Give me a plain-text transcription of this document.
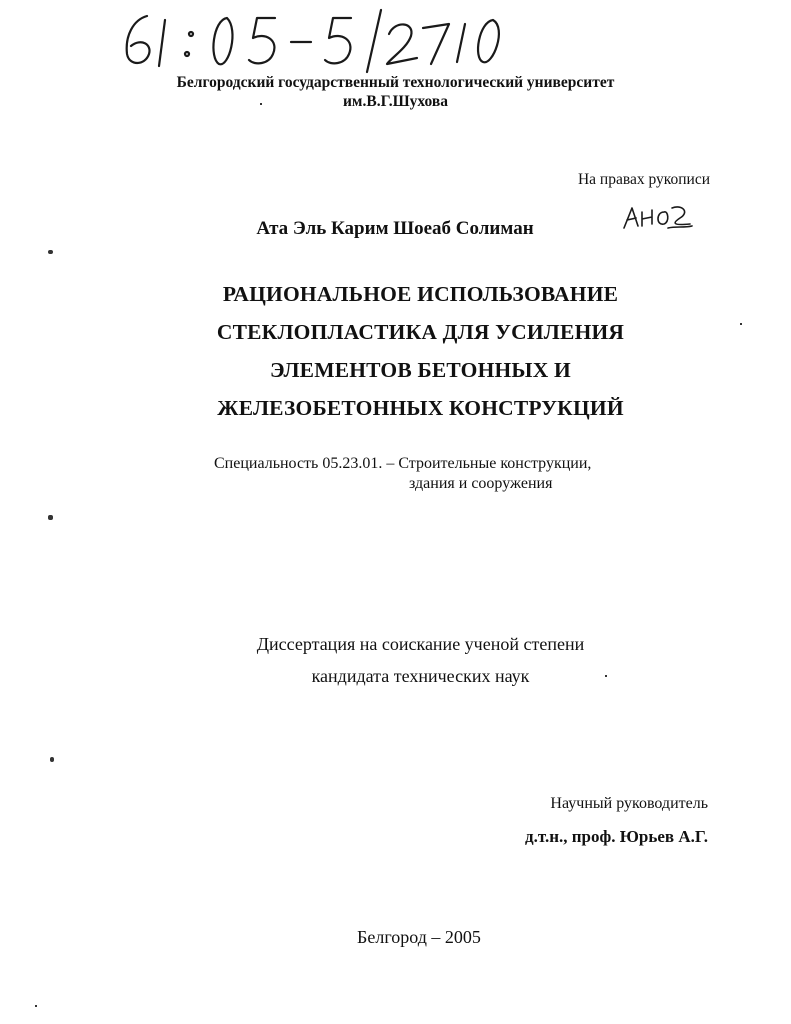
Белгородский государственный технологический университет
им.В.Г.Шухова
На правах рукописи
Ата Эль Карим Шоеаб Солиман
РАЦИОНАЛЬНОЕ ИСПОЛЬЗОВАНИЕ
СТЕКЛОПЛАСТИКА ДЛЯ УСИЛЕНИЯ
ЭЛЕМЕНТОВ БЕТОННЫХ И
ЖЕЛЕЗОБЕТОННЫХ КОНСТРУКЦИЙ
Специальность 05.23.01. – Строительные конструкции,
здания и сооружения
Диссертация на соискание ученой степени
кандидата технических наук
Научный руководитель
д.т.н., проф. Юрьев А.Г.
Белгород – 2005
